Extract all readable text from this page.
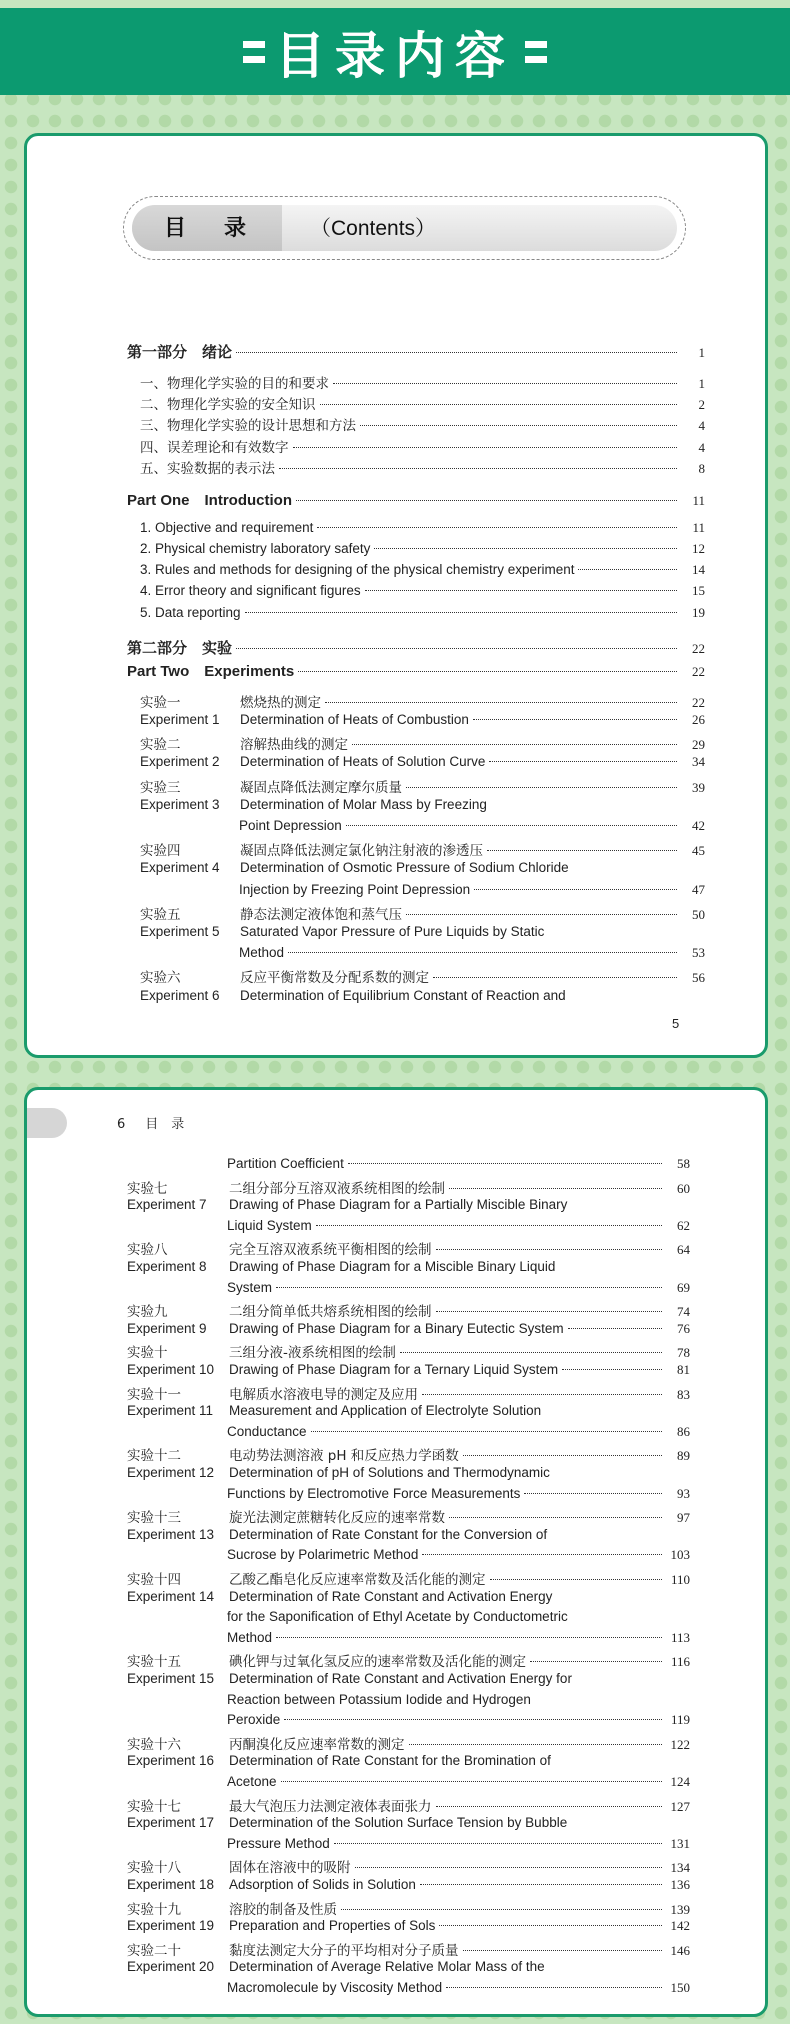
目录内容
目录 （Contents）
第一部分　绪论	1
一、物理化学实验的目的和要求	1
二、物理化学实验的安全知识	2
三、物理化学实验的设计思想和方法	4
四、误差理论和有效数字	4
五、实验数据的表示法	8
Part One　Introduction	11
1. Objective and requirement	11
2. Physical chemistry laboratory safety	12
3. Rules and methods for designing of the physical chemistry experiment	14
4. Error theory and significant figures	15
5. Data reporting	19
第二部分　实验	22
Part Two　Experiments	22
实验一	燃烧热的测定	22
Experiment 1	Determination of Heats of Combustion	26
实验二	溶解热曲线的测定	29
Experiment 2	Determination of Heats of Solution Curve	34
实验三	凝固点降低法测定摩尔质量	39
Experiment 3	Determination of Molar Mass by Freezing
Point Depression	42
实验四	凝固点降低法测定氯化钠注射液的渗透压	45
Experiment 4	Determination of Osmotic Pressure of Sodium Chloride
Injection by Freezing Point Depression	47
实验五	静态法测定液体饱和蒸气压	50
Experiment 5	Saturated Vapor Pressure of Pure Liquids by Static
Method	53
实验六	反应平衡常数及分配系数的测定	56
Experiment 6	Determination of Equilibrium Constant of Reaction and
5
6 目　录
Partition Coefficient	58
实验七	二组分部分互溶双液系统相图的绘制	60
Experiment 7	Drawing of Phase Diagram for a Partially Miscible Binary
Liquid System	62
实验八	完全互溶双液系统平衡相图的绘制	64
Experiment 8	Drawing of Phase Diagram for a Miscible Binary Liquid
System	69
实验九	二组分简单低共熔系统相图的绘制	74
Experiment 9	Drawing of Phase Diagram for a Binary Eutectic System	76
实验十	三组分液-液系统相图的绘制	78
Experiment 10	Drawing of Phase Diagram for a Ternary Liquid System	81
实验十一	电解质水溶液电导的测定及应用	83
Experiment 11	Measurement and Application of Electrolyte Solution
Conductance	86
实验十二	电动势法测溶液 pH 和反应热力学函数	89
Experiment 12	Determination of pH of Solutions and Thermodynamic
Functions by Electromotive Force Measurements	93
实验十三	旋光法测定蔗糖转化反应的速率常数	97
Experiment 13	Determination of Rate Constant for the Conversion of
Sucrose by Polarimetric Method	103
实验十四	乙酸乙酯皂化反应速率常数及活化能的测定	110
Experiment 14	Determination of Rate Constant and Activation Energy
for the Saponification of Ethyl Acetate by Conductometric
Method	113
实验十五	碘化钾与过氧化氢反应的速率常数及活化能的测定	116
Experiment 15	Determination of Rate Constant and Activation Energy for
Reaction between Potassium Iodide and Hydrogen
Peroxide	119
实验十六	丙酮溴化反应速率常数的测定	122
Experiment 16	Determination of Rate Constant for the Bromination of
Acetone	124
实验十七	最大气泡压力法测定液体表面张力	127
Experiment 17	Determination of the Solution Surface Tension by Bubble
Pressure Method	131
实验十八	固体在溶液中的吸附	134
Experiment 18	Adsorption of Solids in Solution	136
实验十九	溶胶的制备及性质	139
Experiment 19	Preparation and Properties of Sols	142
实验二十	黏度法测定大分子的平均相对分子质量	146
Experiment 20	Determination of Average Relative Molar Mass of the
Macromolecule by Viscosity Method	150
